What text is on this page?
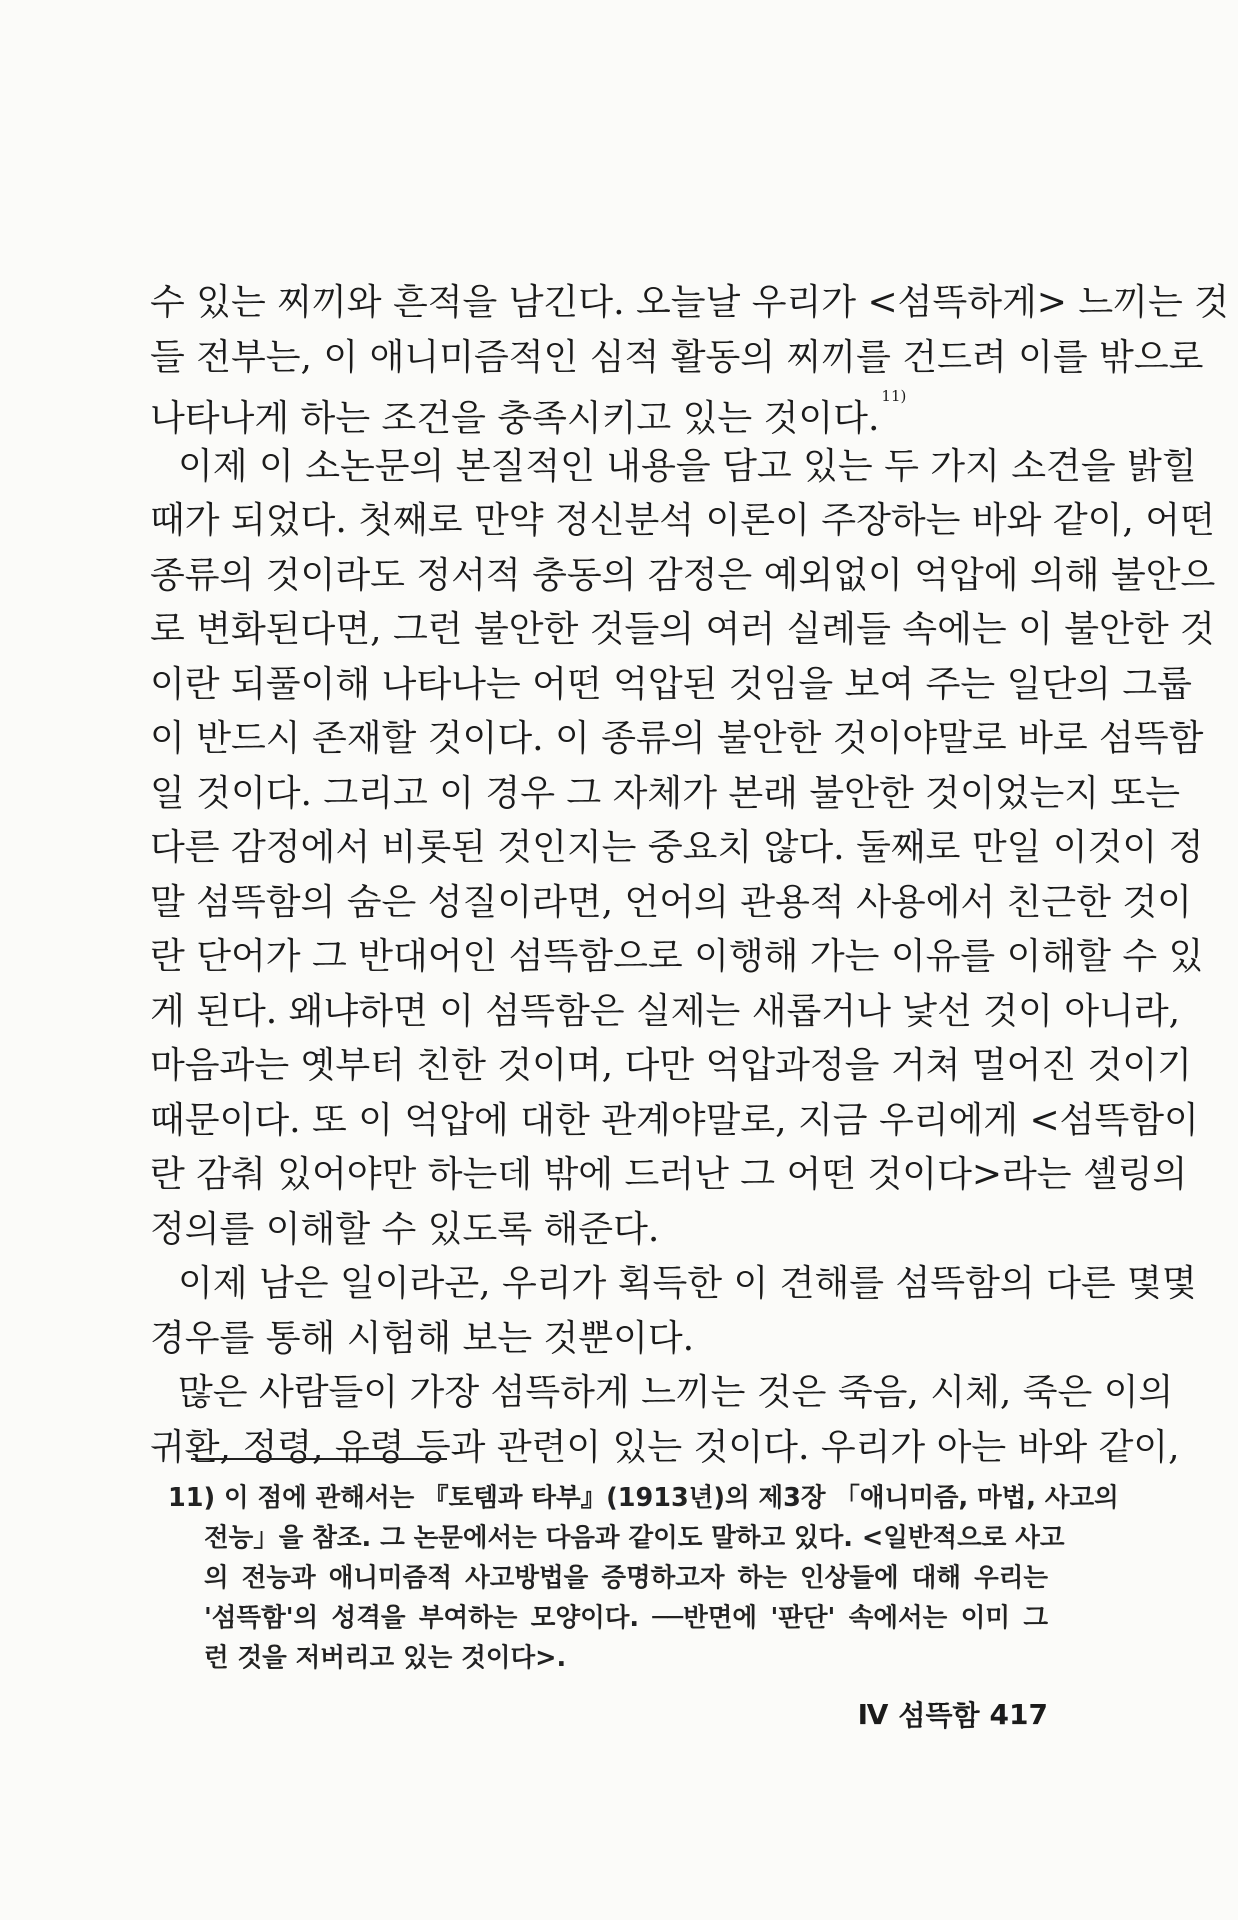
수 있는 찌끼와 흔적을 남긴다. 오늘날 우리가 <섬뜩하게> 느끼는 것
들 전부는, 이 애니미즘적인 심적 활동의 찌끼를 건드려 이를 밖으로
나타나게 하는 조건을 충족시키고 있는 것이다.$^{11)}$
이제 이 소논문의 본질적인 내용을 담고 있는 두 가지 소견을 밝힐
때가 되었다. 첫째로 만약 정신분석 이론이 주장하는 바와 같이, 어떤
종류의 것이라도 정서적 충동의 감정은 예외없이 억압에 의해 불안으
로 변화된다면, 그런 불안한 것들의 여러 실례들 속에는 이 불안한 것
이란 되풀이해 나타나는 어떤 억압된 것임을 보여 주는 일단의 그룹
이 반드시 존재할 것이다. 이 종류의 불안한 것이야말로 바로 섬뜩함
일 것이다. 그리고 이 경우 그 자체가 본래 불안한 것이었는지 또는
다른 감정에서 비롯된 것인지는 중요치 않다. 둘째로 만일 이것이 정
말 섬뜩함의 숨은 성질이라면, 언어의 관용적 사용에서 친근한 것이
란 단어가 그 반대어인 섬뜩함으로 이행해 가는 이유를 이해할 수 있
게 된다. 왜냐하면 이 섬뜩함은 실제는 새롭거나 낯선 것이 아니라,
마음과는 옛부터 친한 것이며, 다만 억압과정을 거쳐 멀어진 것이기
때문이다. 또 이 억압에 대한 관계야말로, 지금 우리에게 <섬뜩함이
란 감춰 있어야만 하는데 밖에 드러난 그 어떤 것이다>라는 셸링의
정의를 이해할 수 있도록 해준다.
이제 남은 일이라곤, 우리가 획득한 이 견해를 섬뜩함의 다른 몇몇
경우를 통해 시험해 보는 것뿐이다.
많은 사람들이 가장 섬뜩하게 느끼는 것은 죽음, 시체, 죽은 이의
귀환, 정령, 유령 등과 관련이 있는 것이다. 우리가 아는 바와 같이,
11) 이 점에 관해서는 『토템과 타부』(1913년)의 제3장 「애니미즘, 마법, 사고의
전능」을 참조. 그 논문에서는 다음과 같이도 말하고 있다. <일반적으로 사고
의 전능과 애니미즘적 사고방법을 증명하고자 하는 인상들에 대해 우리는
'섬뜩함'의 성격을 부여하는 모양이다. ──반면에 '판단' 속에서는 이미 그
런 것을 저버리고 있는 것이다>.
Ⅳ 섬뜩함 417
